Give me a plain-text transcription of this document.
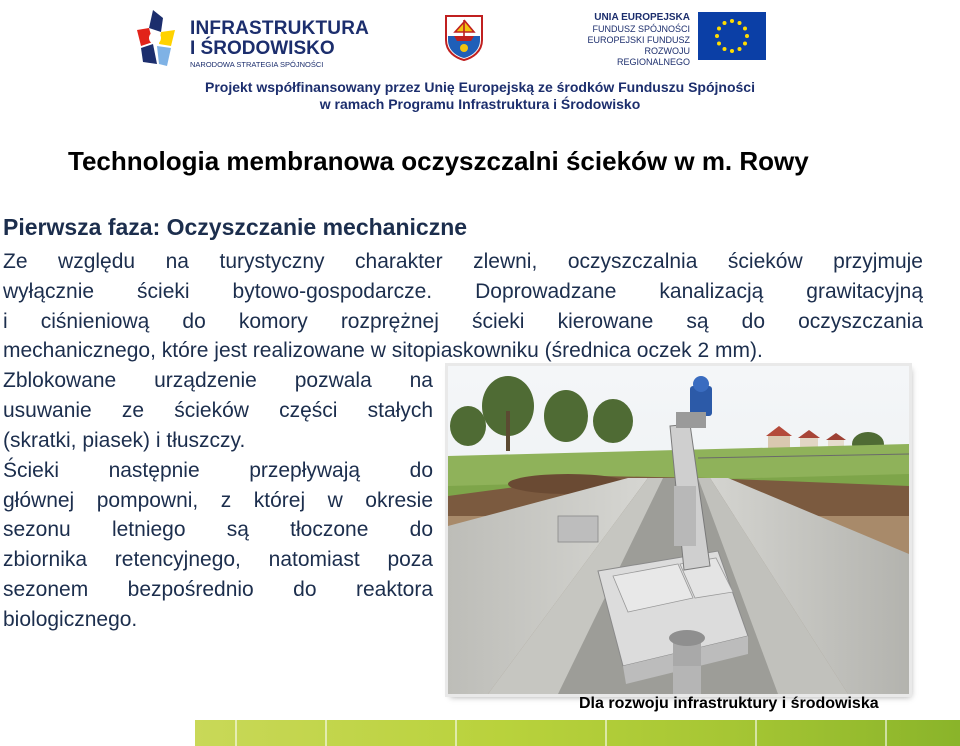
INFRASTRUKTURA
I ŚRODOWISKO
NARODOWA STRATEGIA SPÓJNOŚCI
UNIA EUROPEJSKA
FUNDUSZ SPÓJNOŚCI
EUROPEJSKI FUNDUSZ
ROZWOJU REGIONALNEGO
Projekt współfinansowany przez Unię Europejską ze środków Funduszu Spójności
w ramach Programu Infrastruktura i Środowisko
Technologia membranowa oczyszczalni ścieków w m. Rowy
Pierwsza faza: Oczyszczanie mechaniczne
Ze względu na turystyczny charakter zlewni, oczyszczalnia ścieków przyjmuje
wyłącznie ścieki bytowo-gospodarcze. Doprowadzane kanalizacją grawitacyjną
i ciśnieniową do komory rozprężnej ścieki kierowane są do oczyszczania
mechanicznego, które jest realizowane w sitopiaskowniku (średnica oczek 2 mm).
Zblokowane urządzenie pozwala na
usuwanie ze ścieków części stałych
(skratki, piasek) i tłuszczy.
Ścieki następnie przepływają do
głównej pompowni, z której w okresie
sezonu letniego są tłoczone do
zbiornika retencyjnego, natomiast poza
sezonem bezpośrednio do reaktora
biologicznego.
Dla rozwoju infrastruktury i środowiska
